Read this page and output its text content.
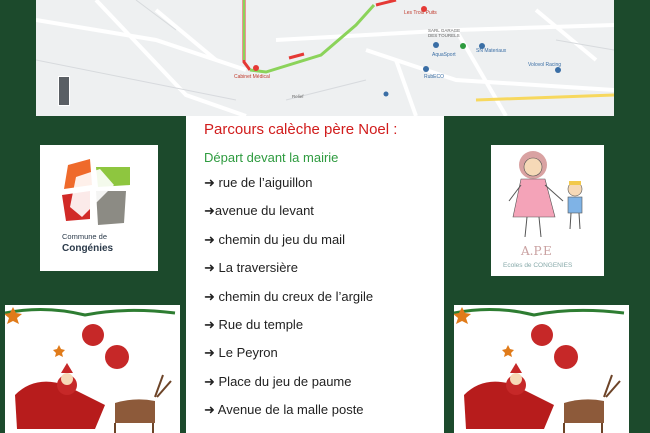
Cabinet Médical
Les Trois Puits
SARL GARAGE DES TOURELS
AquaSport
SN Materiaux
Volovol Racing
RubECO
Relief
Parcours calèche père Noel :
Départ devant la mairie
➜ rue de l’aiguillon
➜avenue du levant
➜ chemin du jeu du mail
➜ La traversière
➜ chemin du creux de l’argile
➜ Rue du temple
➜ Le Peyron
➜ Place du jeu de paume
➜ Avenue de la malle poste
Commune de
Congénies	A.P.E
Ecoles de CONGENIES
